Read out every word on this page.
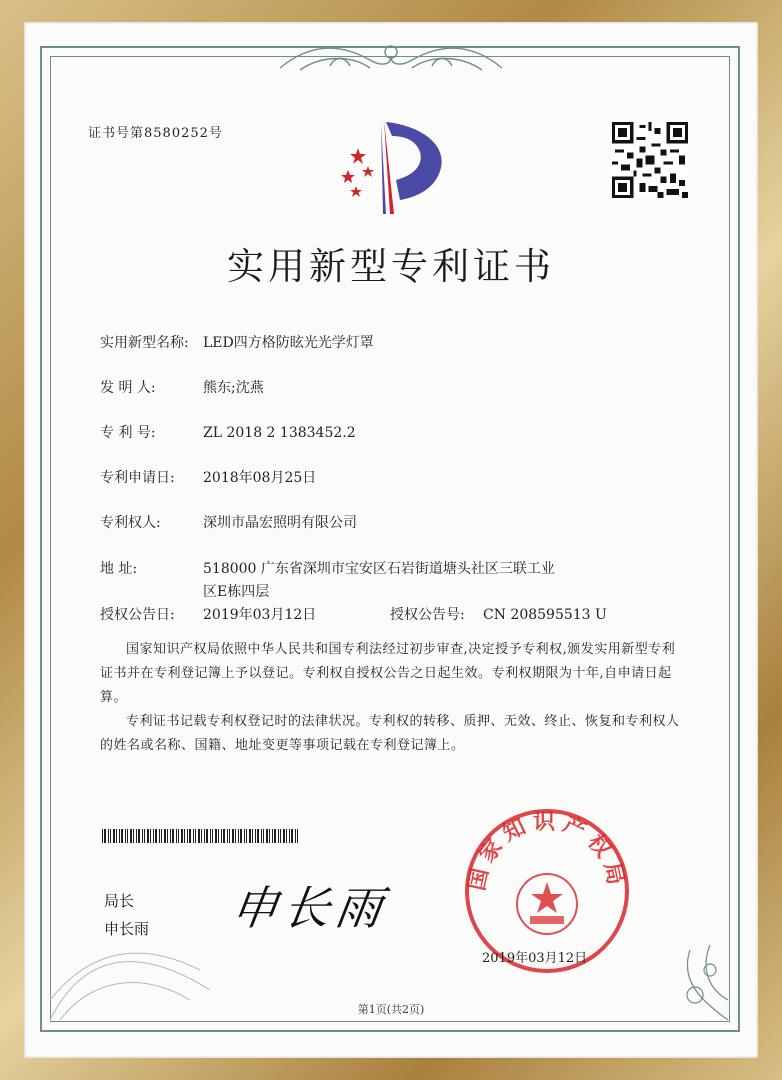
证书号第8580252号
实用新型专利证书
实用新型名称: LED四方格防眩光光学灯罩
发 明 人:	熊东;沈燕
专 利 号:	ZL 2018 2 1383452.2
专利申请日: 2018年08月25日
专利权人:	深圳市晶宏照明有限公司
地 址:	518000 广东省深圳市宝安区石岩街道塘头社区三联工业
区E栋四层
授权公告日: 2019年03月12日	授权公告号: CN 208595513 U
国家知识产权局依照中华人民共和国专利法经过初步审查,决定授予专利权,颁发实用新型专利证书并在专利登记簿上予以登记。专利权自授权公告之日起生效。专利权期限为十年,自申请日起算。
专利证书记载专利权登记时的法律状况。专利权的转移、质押、无效、终止、恢复和专利权人的姓名或名称、国籍、地址变更等事项记载在专利登记簿上。
局长
申长雨 申长雨
国家知识产权局
2019年03月12日
第1页(共2页)
